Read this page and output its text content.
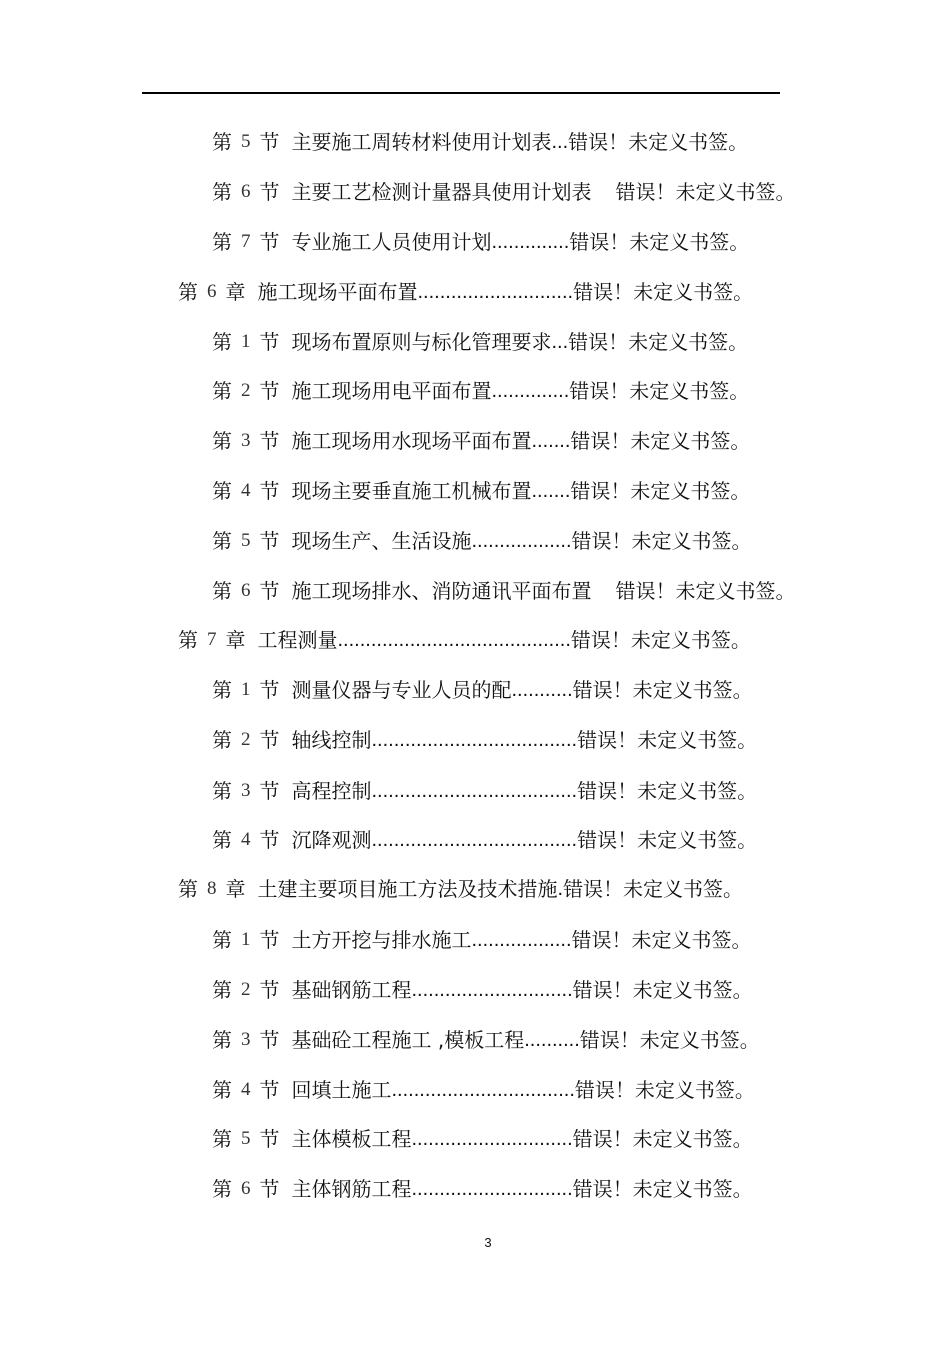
第 5 节 主要施工周转材料使用计划表 ... 错误！未定义书签。
第 6 节 主要工艺检测计量器具使用计划表 错误！未定义书签。
第 7 节 专业施工人员使用计划 .............. 错误！未定义书签。
第 6 章 施工现场平面布置 ............................ 错误！未定义书签。
第 1 节 现场布置原则与标化管理要求 ... 错误！未定义书签。
第 2 节 施工现场用电平面布置 .............. 错误！未定义书签。
第 3 节 施工现场用水现场平面布置 ....... 错误！未定义书签。
第 4 节 现场主要垂直施工机械布置 ....... 错误！未定义书签。
第 5 节 现场生产、生活设施 .................. 错误！未定义书签。
第 6 节 施工现场排水、消防通讯平面布置 错误！未定义书签。
第 7 章 工程测量 .......................................... 错误！未定义书签。
第 1 节 测量仪器与专业人员的配 ........... 错误！未定义书签。
第 2 节 轴线控制 ..................................... 错误！未定义书签。
第 3 节 高程控制 ..................................... 错误！未定义书签。
第 4 节 沉降观测 ..................................... 错误！未定义书签。
第 8 章 土建主要项目施工方法及技术措施 . 错误！未定义书签。
第 1 节 土方开挖与排水施工 .................. 错误！未定义书签。
第 2 节 基础钢筋工程 ............................. 错误！未定义书签。
第 3 节 基础砼工程施工 ,模板工程 .......... 错误！未定义书签。
第 4 节 回填土施工 ................................. 错误！未定义书签。
第 5 节 主体模板工程 ............................. 错误！未定义书签。
第 6 节 主体钢筋工程 ............................. 错误！未定义书签。
3
